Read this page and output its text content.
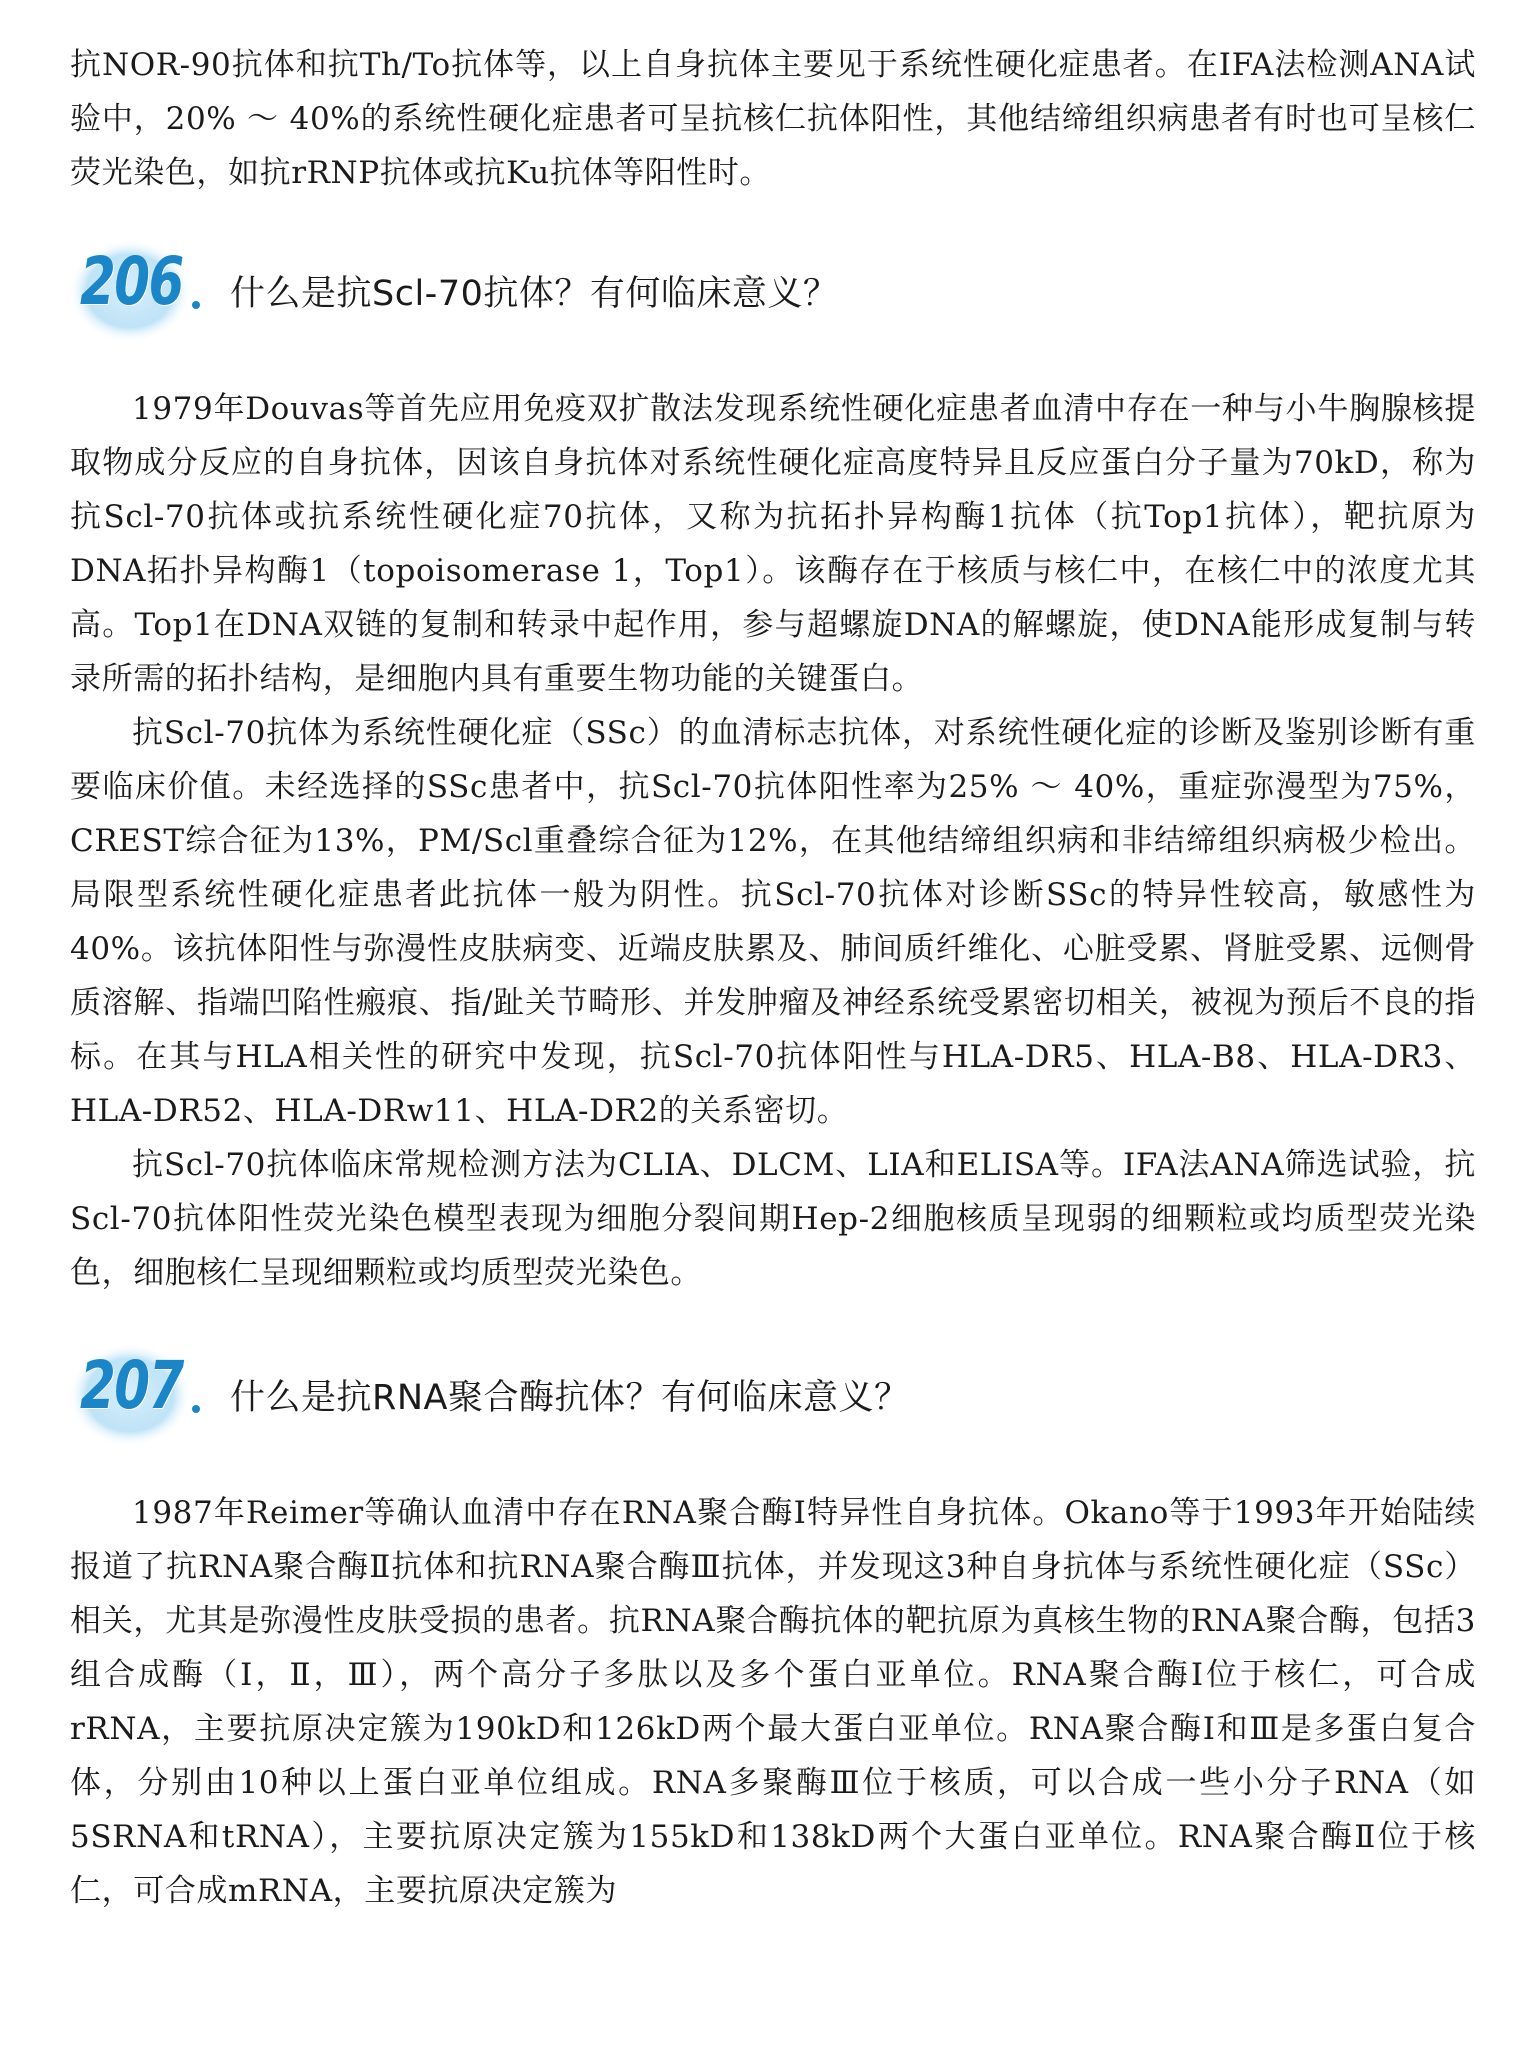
抗NOR-90抗体和抗Th/To抗体等，以上自身抗体主要见于系统性硬化症患者。在IFA法检测ANA试验中，20% ～ 40%的系统性硬化症患者可呈抗核仁抗体阳性，其他结缔组织病患者有时也可呈核仁荧光染色，如抗rRNP抗体或抗Ku抗体等阳性时。

206 什么是抗Scl-70抗体？有何临床意义？

1979年Douvas等首先应用免疫双扩散法发现系统性硬化症患者血清中存在一种与小牛胸腺核提取物成分反应的自身抗体，因该自身抗体对系统性硬化症高度特异且反应蛋白分子量为70kD，称为抗Scl-70抗体或抗系统性硬化症70抗体，又称为抗拓扑异构酶1抗体（抗Top1抗体），靶抗原为DNA拓扑异构酶1（topoisomerase 1，Top1）。该酶存在于核质与核仁中，在核仁中的浓度尤其高。Top1在DNA双链的复制和转录中起作用，参与超螺旋DNA的解螺旋，使DNA能形成复制与转录所需的拓扑结构，是细胞内具有重要生物功能的关键蛋白。

抗Scl-70抗体为系统性硬化症（SSc）的血清标志抗体，对系统性硬化症的诊断及鉴别诊断有重要临床价值。未经选择的SSc患者中，抗Scl-70抗体阳性率为25% ～ 40%，重症弥漫型为75%，CREST综合征为13%，PM/Scl重叠综合征为12%，在其他结缔组织病和非结缔组织病极少检出。局限型系统性硬化症患者此抗体一般为阴性。抗Scl-70抗体对诊断SSc的特异性较高，敏感性为40%。该抗体阳性与弥漫性皮肤病变、近端皮肤累及、肺间质纤维化、心脏受累、肾脏受累、远侧骨质溶解、指端凹陷性瘢痕、指/趾关节畸形、并发肿瘤及神经系统受累密切相关，被视为预后不良的指标。在其与HLA相关性的研究中发现，抗Scl-70抗体阳性与HLA-DR5、HLA-B8、HLA-DR3、HLA-DR52、HLA-DRw11、HLA-DR2的关系密切。

抗Scl-70抗体临床常规检测方法为CLIA、DLCM、LIA和ELISA等。IFA法ANA筛选试验，抗Scl-70抗体阳性荧光染色模型表现为细胞分裂间期Hep-2细胞核质呈现弱的细颗粒或均质型荧光染色，细胞核仁呈现细颗粒或均质型荧光染色。

207 什么是抗RNA聚合酶抗体？有何临床意义？

1987年Reimer等确认血清中存在RNA聚合酶Ⅰ特异性自身抗体。Okano等于1993年开始陆续报道了抗RNA聚合酶Ⅱ抗体和抗RNA聚合酶Ⅲ抗体，并发现这3种自身抗体与系统性硬化症（SSc）相关，尤其是弥漫性皮肤受损的患者。抗RNA聚合酶抗体的靶抗原为真核生物的RNA聚合酶，包括3组合成酶（Ⅰ，Ⅱ，Ⅲ），两个高分子多肽以及多个蛋白亚单位。RNA聚合酶Ⅰ位于核仁，可合成rRNA，主要抗原决定簇为190kD和126kD两个最大蛋白亚单位。RNA聚合酶Ⅰ和Ⅲ是多蛋白复合体，分别由10种以上蛋白亚单位组成。RNA多聚酶Ⅲ位于核质，可以合成一些小分子RNA（如5SRNA和tRNA），主要抗原决定簇为155kD和138kD两个大蛋白亚单位。RNA聚合酶Ⅱ位于核仁，可合成mRNA，主要抗原决定簇为
